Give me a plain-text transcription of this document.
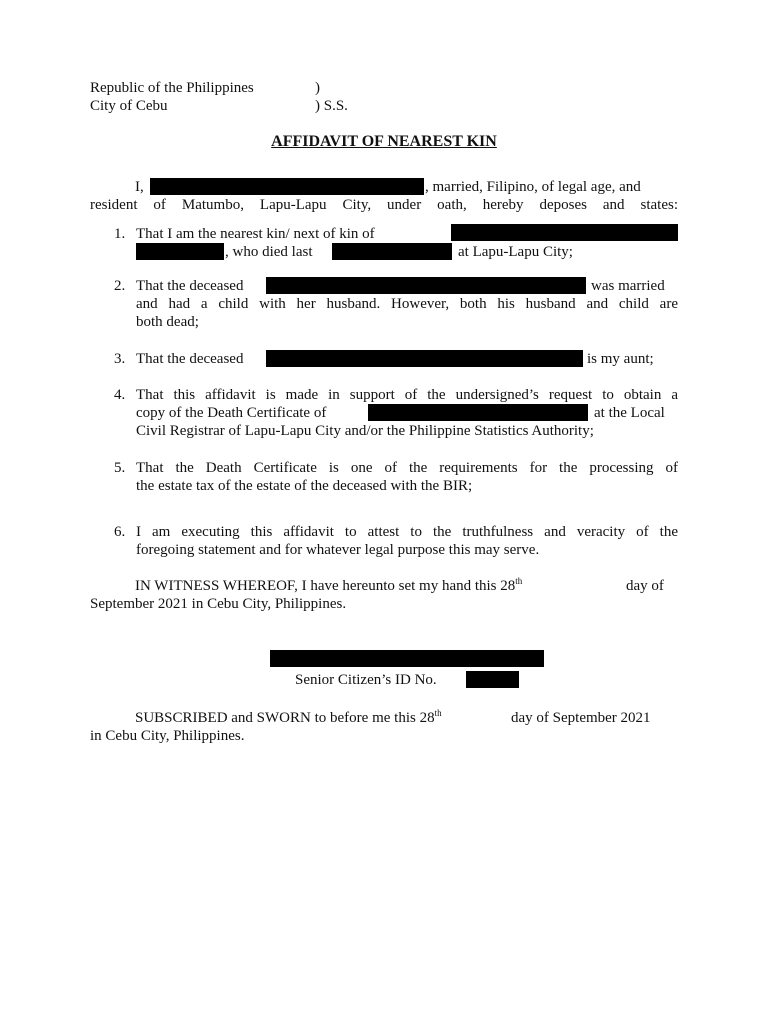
Republic of the Philippines	)
City of Cebu	) S.S.
AFFIDAVIT OF NEAREST KIN
I,	, married, Filipino, of legal age, and
resident of Matumbo, Lapu-Lapu City, under oath, hereby deposes and states:
1. That I am the nearest kin/ next of kin of
, who died last	at Lapu-Lapu City;
2. That the deceased	was married
and had a child with her husband. However, both his husband and child are
both dead;
3. That the deceased	is my aunt;
4. That this affidavit is made in support of the undersigned’s request to obtain a
copy of the Death Certificate of	at the Local
Civil Registrar of Lapu-Lapu City and/or the Philippine Statistics Authority;
5. That the Death Certificate is one of the requirements for the processing of
the estate tax of the estate of the deceased with the BIR;
6. I am executing this affidavit to attest to the truthfulness and veracity of the
foregoing statement and for whatever legal purpose this may serve.
IN WITNESS WHEREOF, I have hereunto set my hand this 28th	day of
September 2021 in Cebu City, Philippines.
Senior Citizen’s ID No.
SUBSCRIBED and SWORN to before me this 28th	day of September 2021
in Cebu City, Philippines.
